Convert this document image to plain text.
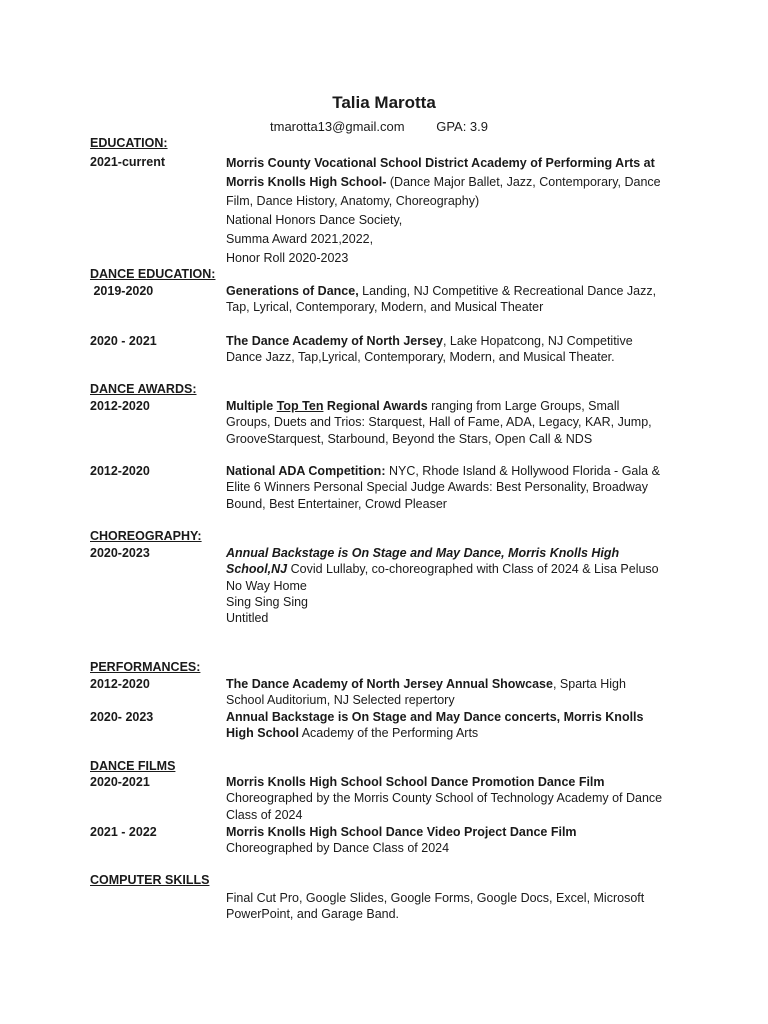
Talia Marotta
tmarotta13@gmail.com GPA: 3.9
EDUCATION:
2021-current	Morris County Vocational School District Academy of Performing Arts at Morris Knolls High School- (Dance Major Ballet, Jazz, Contemporary, Dance Film, Dance History, Anatomy, Choreography)
National Honors Dance Society,
Summa Award 2021,2022,
Honor Roll 2020-2023
DANCE EDUCATION:
2019-2020	Generations of Dance, Landing, NJ Competitive & Recreational Dance Jazz, Tap, Lyrical, Contemporary, Modern, and Musical Theater
2020 - 2021	The Dance Academy of North Jersey, Lake Hopatcong, NJ Competitive Dance Jazz, Tap,Lyrical, Contemporary, Modern, and Musical Theater.
DANCE AWARDS:
2012-2020	Multiple Top Ten Regional Awards ranging from Large Groups, Small Groups, Duets and Trios: Starquest, Hall of Fame, ADA, Legacy, KAR, Jump, GrooveStarquest, Starbound, Beyond the Stars, Open Call & NDS
2012-2020	National ADA Competition: NYC, Rhode Island & Hollywood Florida - Gala & Elite 6 Winners Personal Special Judge Awards: Best Personality, Broadway Bound, Best Entertainer, Crowd Pleaser
CHOREOGRAPHY:
2020-2023	Annual Backstage is On Stage and May Dance, Morris Knolls High School,NJ Covid Lullaby, co-choreographed with Class of 2024 & Lisa Peluso
No Way Home
Sing Sing Sing
Untitled
PERFORMANCES:
2012-2020	The Dance Academy of North Jersey Annual Showcase, Sparta High School Auditorium, NJ Selected repertory
2020- 2023	Annual Backstage is On Stage and May Dance concerts, Morris Knolls High School Academy of the Performing Arts
DANCE FILMS
2020-2021	Morris Knolls High School School Dance Promotion Dance Film
Choreographed by the Morris County School of Technology Academy of Dance Class of 2024
2021 - 2022	Morris Knolls High School Dance Video Project Dance Film
Choreographed by Dance Class of 2024
COMPUTER SKILLS
Final Cut Pro, Google Slides, Google Forms, Google Docs, Excel, Microsoft PowerPoint, and Garage Band.
